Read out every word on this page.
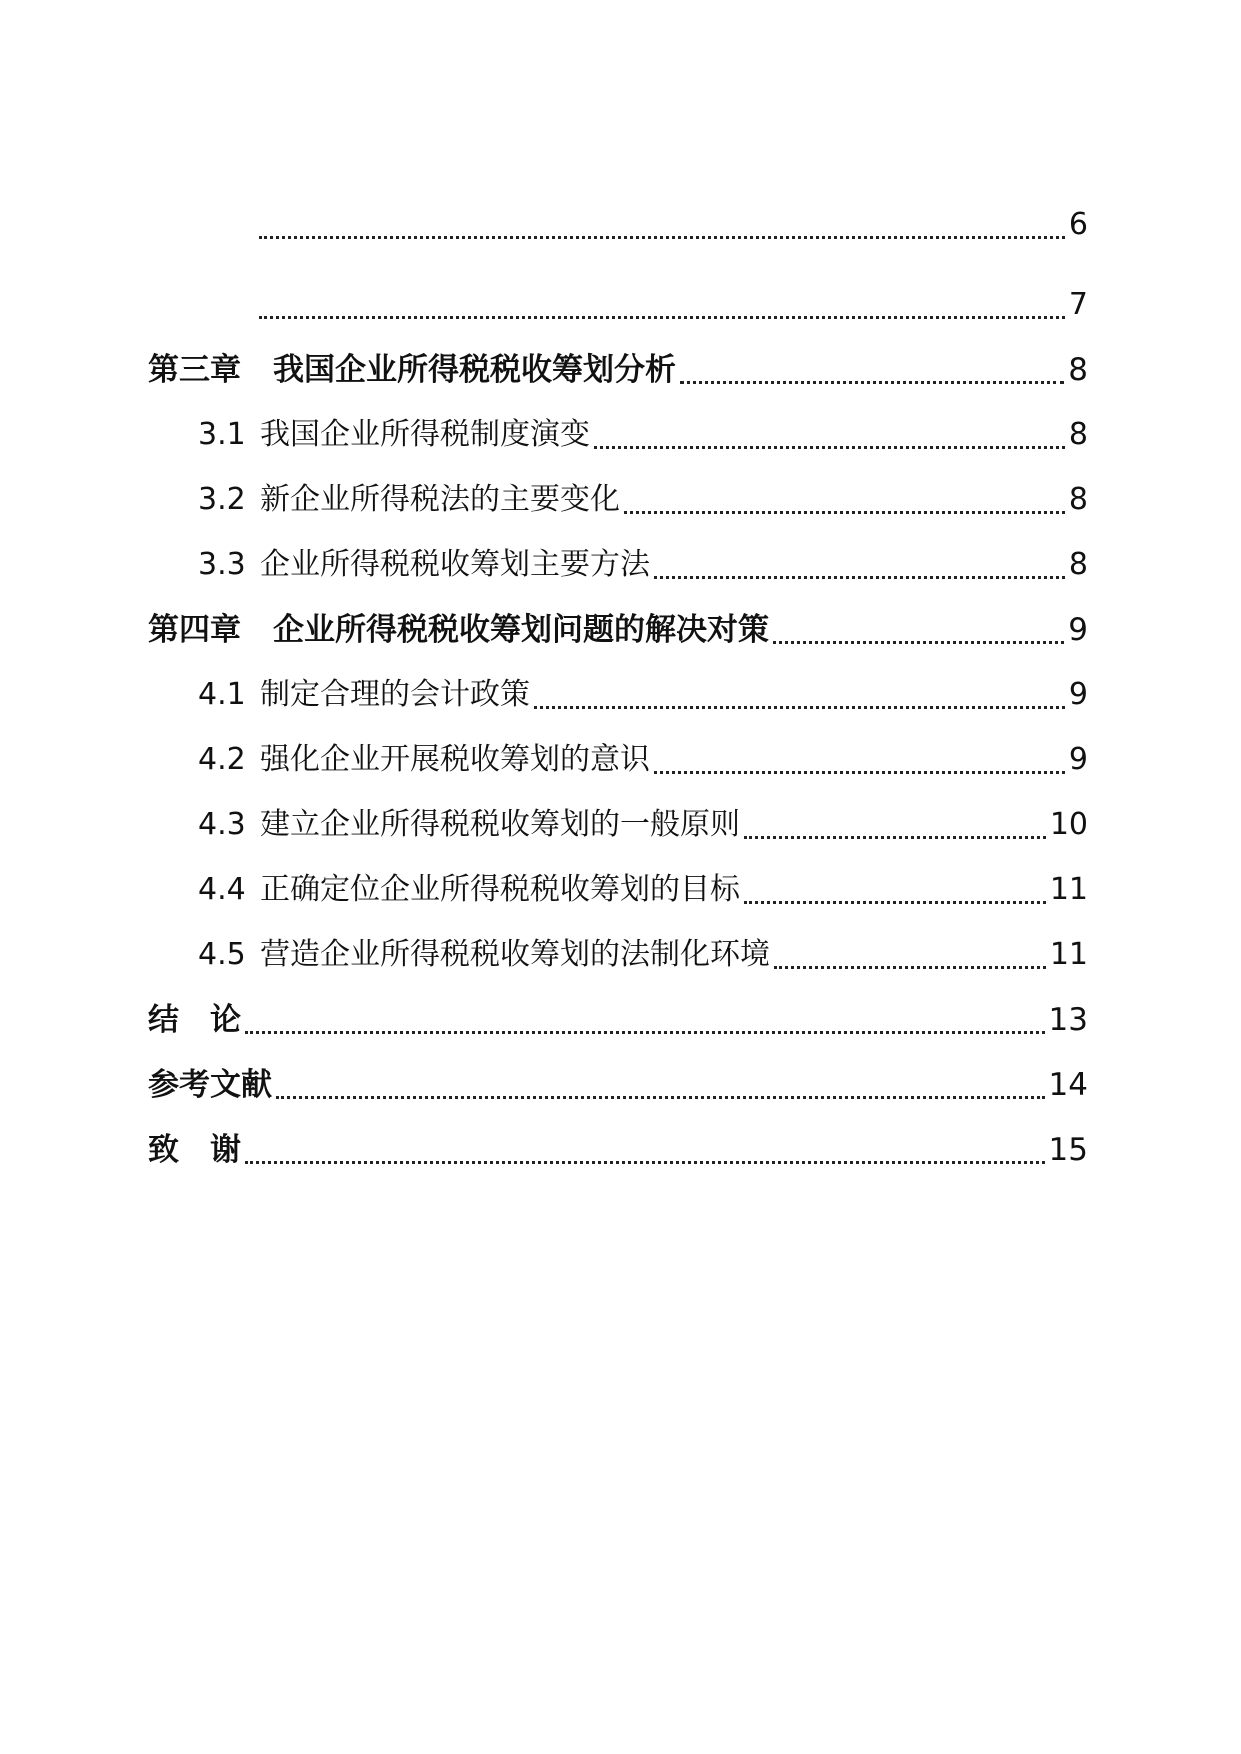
6
7
第三章 我国企业所得税税收筹划分析	8
3.1 我国企业所得税制度演变	8
3.2 新企业所得税法的主要变化	8
3.3 企业所得税税收筹划主要方法	8
第四章 企业所得税税收筹划问题的解决对策	9
4.1 制定合理的会计政策	9
4.2 强化企业开展税收筹划的意识	9
4.3 建立企业所得税税收筹划的一般原则	10
4.4 正确定位企业所得税税收筹划的目标	11
4.5 营造企业所得税税收筹划的法制化环境	11
结　论	13
参考文献	14
致　谢	15
